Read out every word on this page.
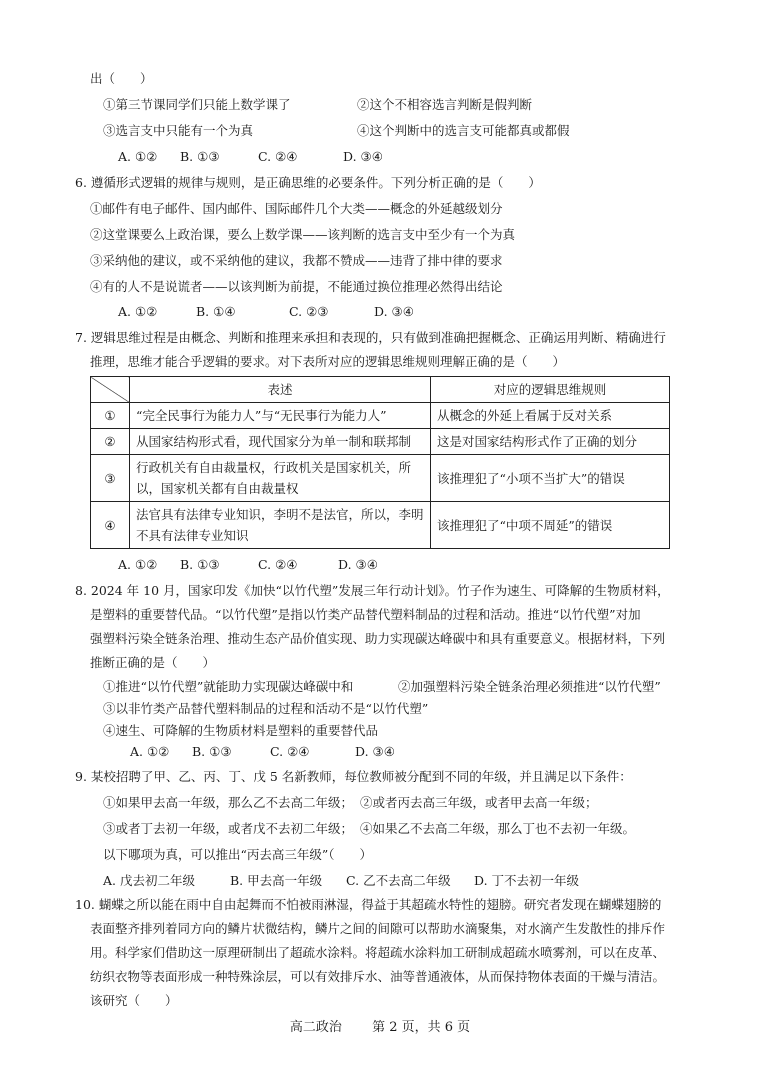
出（　　）
①第三节课同学们只能上数学课了	②这个不相容选言判断是假判断
③选言支中只能有一个为真	④这个判断中的选言支可能都真或都假
A. ①② B. ①③	C. ②④	D. ③④
6. 遵循形式逻辑的规律与规则，是正确思维的必要条件。下列分析正确的是（　　）
①邮件有电子邮件、国内邮件、国际邮件几个大类——概念的外延越级划分
②这堂课要么上政治课，要么上数学课——该判断的选言支中至少有一个为真
③采纳他的建议，或不采纳他的建议，我都不赞成——违背了排中律的要求
④有的人不是说谎者——以该判断为前提，不能通过换位推理必然得出结论
A. ①②	B. ①④	C. ②③	D. ③④
7. 逻辑思维过程是由概念、判断和推理来承担和表现的，只有做到准确把握概念、正确运用判断、精确进行
推理，思维才能合乎逻辑的要求。对下表所对应的逻辑思维规则理解正确的是（　　）
	表述	对应的逻辑思维规则
①	“完全民事行为能力人”与“无民事行为能力人”	从概念的外延上看属于反对关系
②	从国家结构形式看，现代国家分为单一制和联邦制	这是对国家结构形式作了正确的划分
③	行政机关有自由裁量权，行政机关是国家机关，所以，国家机关都有自由裁量权	该推理犯了“小项不当扩大”的错误
④	法官具有法律专业知识，李明不是法官，所以，李明不具有法律专业知识	该推理犯了“中项不周延”的错误
A. ①② B. ①③	C. ②④	D. ③④
8. 2024 年 10 月，国家印发《加快“以竹代塑”发展三年行动计划》。竹子作为速生、可降解的生物质材料，
是塑料的重要替代品。“以竹代塑”是指以竹类产品替代塑料制品的过程和活动。推进“以竹代塑”对加
强塑料污染全链条治理、推动生态产品价值实现、助力实现碳达峰碳中和具有重要意义。根据材料，下列
推断正确的是（　　）
①推进“以竹代塑”就能助力实现碳达峰碳中和	②加强塑料污染全链条治理必须推进“以竹代塑”
③以非竹类产品替代塑料制品的过程和活动不是“以竹代塑”
④速生、可降解的生物质材料是塑料的重要替代品
A. ①② B. ①③	C. ②④	D. ③④
9. 某校招聘了甲、乙、丙、丁、戊 5 名新教师，每位教师被分配到不同的年级，并且满足以下条件：
①如果甲去高一年级，那么乙不去高二年级； ②或者丙去高三年级，或者甲去高一年级；
③或者丁去初一年级，或者戊不去初二年级； ④如果乙不去高二年级，那么丁也不去初一年级。
以下哪项为真，可以推出“丙去高三年级”（　　）
A. 戊去初二年级	B. 甲去高一年级 C. 乙不去高二年级 D. 丁不去初一年级
10. 蝴蝶之所以能在雨中自由起舞而不怕被雨淋湿，得益于其超疏水特性的翅膀。研究者发现在蝴蝶翅膀的
表面整齐排列着同方向的鳞片状微结构，鳞片之间的间隙可以帮助水滴聚集，对水滴产生发散性的排斥作
用。科学家们借助这一原理研制出了超疏水涂料。将超疏水涂料加工研制成超疏水喷雾剂，可以在皮革、
纺织衣物等表面形成一种特殊涂层，可以有效排斥水、油等普通液体，从而保持物体表面的干燥与清洁。
该研究（　　）
高二政治 第 2 页，共 6 页
